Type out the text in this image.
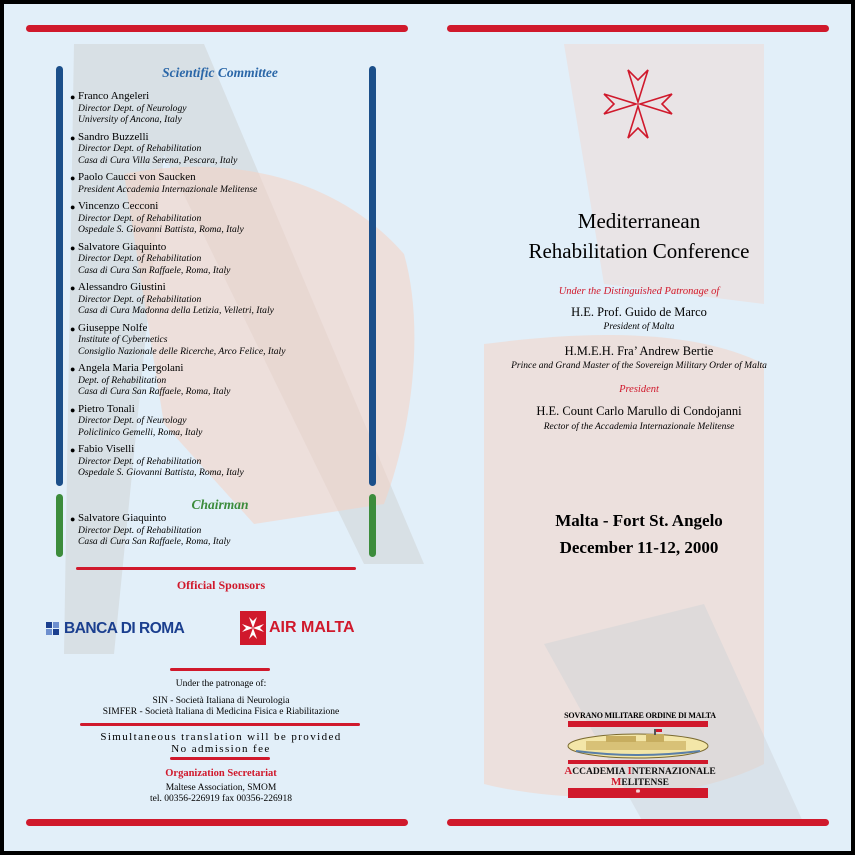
Scientific Committee
● Franco Angeleri
Director Dept. of Neurology
University of Ancona, Italy
● Sandro Buzzelli
Director Dept. of Rehabilitation
Casa di Cura Villa Serena, Pescara, Italy
● Paolo Caucci von Saucken
President Accademia Internazionale Melitense
● Vincenzo Cecconi
Director Dept. of Rehabilitation
Ospedale S. Giovanni Battista, Roma, Italy
● Salvatore Giaquinto
Director Dept. of Rehabilitation
Casa di Cura San Raffaele, Roma, Italy
● Alessandro Giustini
Director Dept. of Rehabilitation
Casa di Cura Madonna della Letizia, Velletri, Italy
● Giuseppe Nolfe
Institute of Cybernetics
Consiglio Nazionale delle Ricerche, Arco Felice, Italy
● Angela Maria Pergolani
Dept. of Rehabilitation
Casa di Cura San Raffaele, Roma, Italy
● Pietro Tonali
Director Dept. of Neurology
Policlinico Gemelli, Roma, Italy
● Fabio Viselli
Director Dept. of Rehabilitation
Ospedale S. Giovanni Battista, Roma, Italy
Chairman
● Salvatore Giaquinto
Director Dept. of Rehabilitation
Casa di Cura San Raffaele, Roma, Italy
Official Sponsors
BANCA DI ROMA	AIR MALTA
Under the patronage of:
SIN - Società Italiana di Neurologia
SIMFER - Società Italiana di Medicina Fisica e Riabilitazione
Simultaneous translation will be provided
No admission fee
Organization Secretariat
Maltese Association, SMOM
tel. 00356-226919 fax 00356-226918
Mediterranean
Rehabilitation Conference
Under the Distinguished Patronage of
H.E. Prof. Guido de Marco
President of Malta
H.M.E.H. Fra’ Andrew Bertie
Prince and Grand Master of the Sovereign Military Order of Malta
President
H.E. Count Carlo Marullo di Condojanni
Rector of the Accademia Internazionale Melitense
Malta - Fort St. Angelo
December 11-12, 2000
SOVRANO MILITARE ORDINE DI MALTA
ACCADEMIA INTERNAZIONALE
MELITENSE
*
